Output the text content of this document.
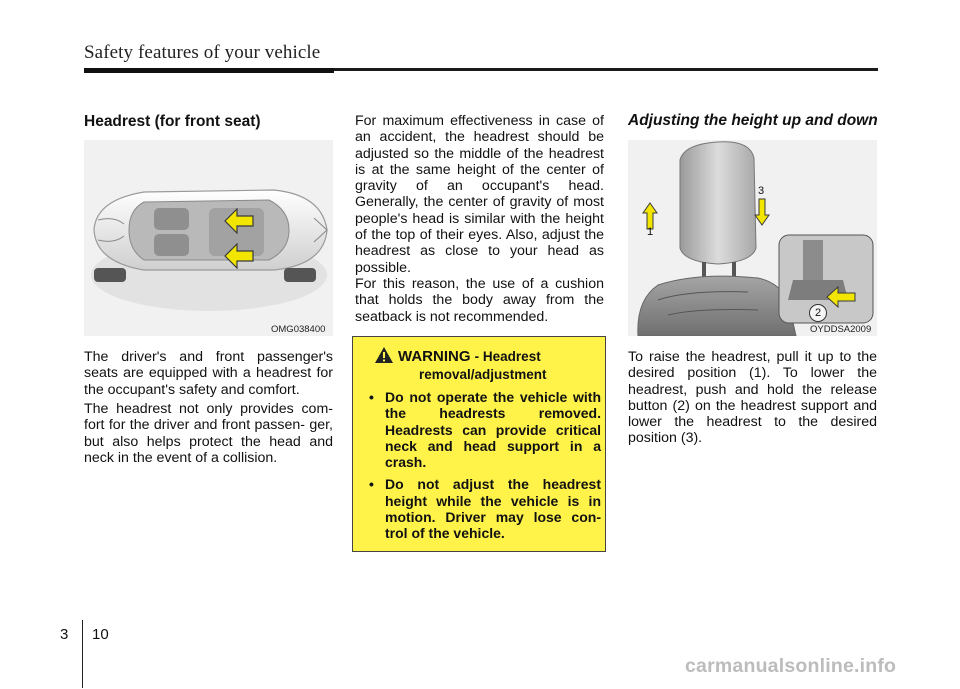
Safety features of your vehicle
Headrest (for front seat)
OMG038400

The driver's and front passenger's seats are equipped with a headrest for the occupant's safety and comfort.

The headrest not only provides com- fort for the driver and front passen- ger, but also helps protect the head and neck in the event of a collision.

For maximum effectiveness in case of an accident, the headrest should be adjusted so the middle of the headrest is at the same height of the center of gravity of an occupant's head. Generally, the center of gravity of most people's head is similar with the height of the top of their eyes. Also, adjust the headrest as close to your head as possible.

For this reason, the use of a cushion that holds the body away from the seatback is not recommended.

WARNING - Headrest
removal/adjustment
• Do not operate the vehicle with the headrests removed. Headrests can provide critical neck and head support in a crash.
• Do not adjust the headrest height while the vehicle is in motion. Driver may lose con- trol of the vehicle.
Adjusting the height up and down
1
2
3
OYDDSA2009

To raise the headrest, pull it up to the desired position (1). To lower the headrest, push and hold the release button (2) on the headrest support and lower the headrest to the desired position (3).

3 10
carmanualsonline.info
